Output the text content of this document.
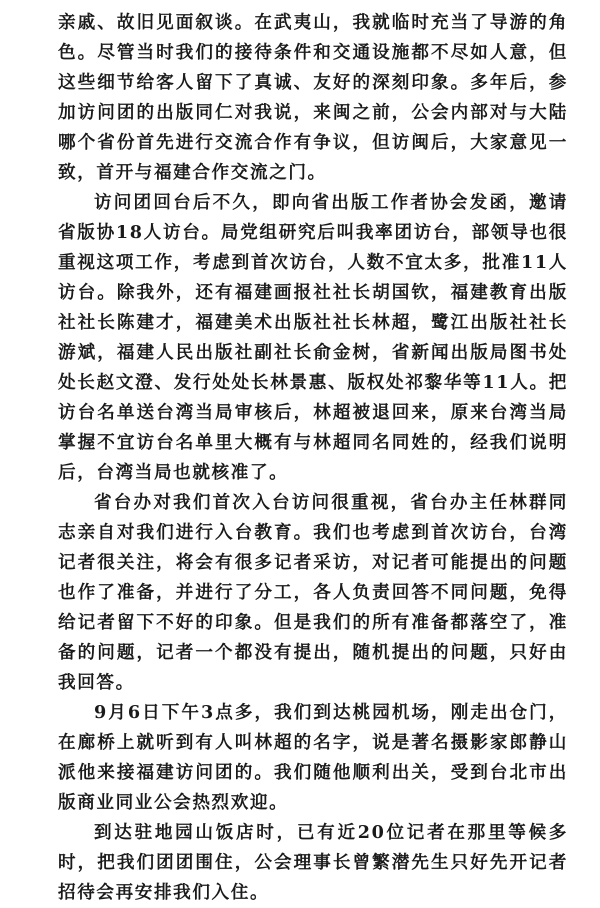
亲戚、故旧见面叙谈。在武夷山，我就临时充当了导游的角色。尽管当时我们的接待条件和交通设施都不尽如人意，但这些细节给客人留下了真诚、友好的深刻印象。多年后，参加访问团的出版同仁对我说，来闽之前，公会内部对与大陆哪个省份首先进行交流合作有争议，但访闽后，大家意见一致，首开与福建合作交流之门。

访问团回台后不久，即向省出版工作者协会发函，邀请省版协18人访台。局党组研究后叫我率团访台，部领导也很重视这项工作，考虑到首次访台，人数不宜太多，批准11人访台。除我外，还有福建画报社社长胡国钦，福建教育出版社社长陈建才，福建美术出版社社长林超，鹭江出版社社长游斌，福建人民出版社副社长俞金树，省新闻出版局图书处处长赵文澄、发行处处长林景惠、版权处祁黎华等11人。把访台名单送台湾当局审核后，林超被退回来，原来台湾当局掌握不宜访台名单里大概有与林超同名同姓的，经我们说明后，台湾当局也就核准了。

省台办对我们首次入台访问很重视，省台办主任林群同志亲自对我们进行入台教育。我们也考虑到首次访台，台湾记者很关注，将会有很多记者采访，对记者可能提出的问题也作了准备，并进行了分工，各人负责回答不同问题，免得给记者留下不好的印象。但是我们的所有准备都落空了，准备的问题，记者一个都没有提出，随机提出的问题，只好由我回答。

9月6日下午3点多，我们到达桃园机场，刚走出仓门，在廊桥上就听到有人叫林超的名字，说是著名摄影家郎静山派他来接福建访问团的。我们随他顺利出关，受到台北市出版商业同业公会热烈欢迎。

到达驻地园山饭店时，已有近20位记者在那里等候多时，把我们团团围住，公会理事长曾繁潜先生只好先开记者招待会再安排我们入住。
